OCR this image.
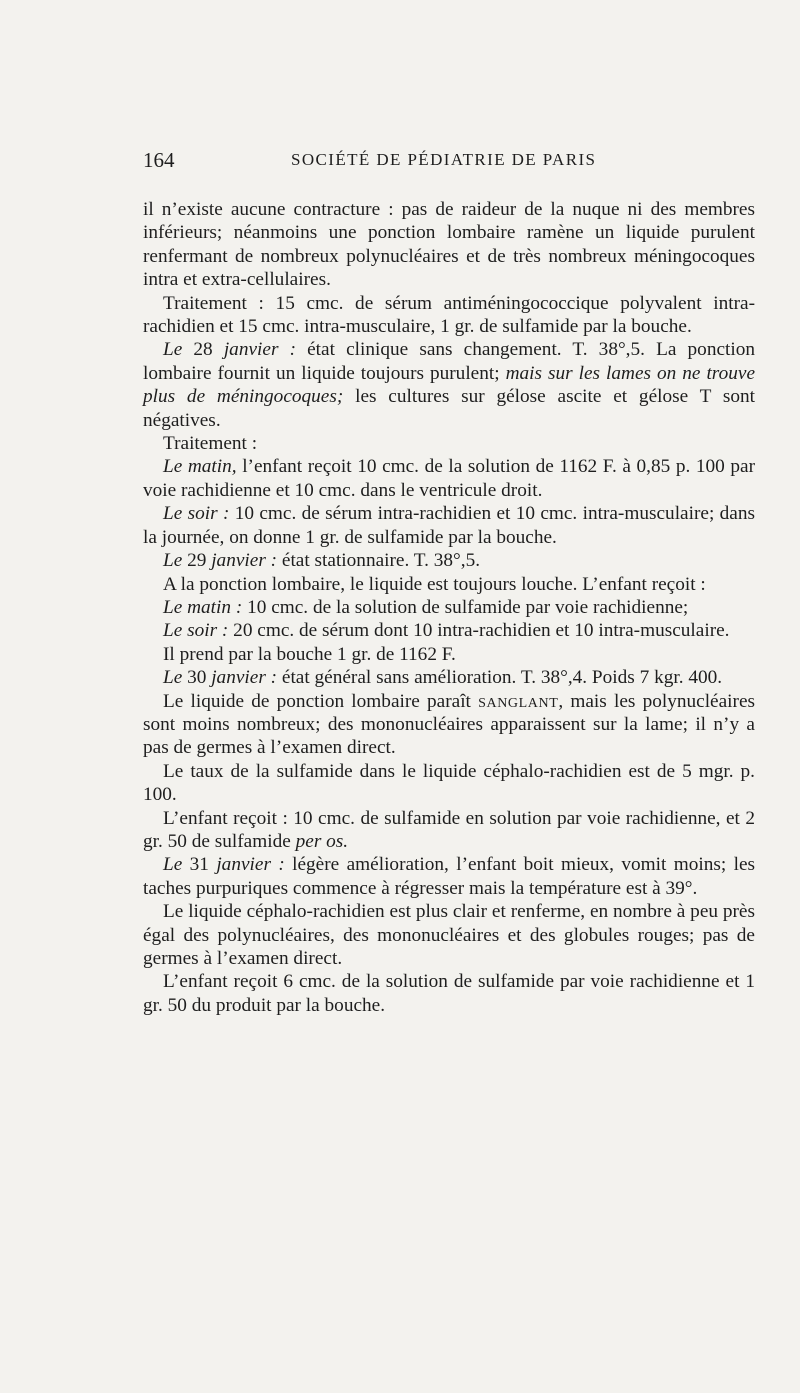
164	SOCIÉTÉ DE PÉDIATRIE DE PARIS

il n’existe aucune contracture : pas de raideur de la nuque ni des membres inférieurs; néanmoins une ponction lombaire ramène un liquide purulent renfermant de nombreux polynucléaires et de très nombreux méningocoques intra et extra-cellulaires.

Traitement : 15 cmc. de sérum antiméningococcique polyvalent intra-rachidien et 15 cmc. intra-musculaire, 1 gr. de sulfamide par la bouche.

Le 28 janvier : état clinique sans changement. T. 38°,5. La ponction lombaire fournit un liquide toujours purulent; mais sur les lames on ne trouve plus de méningocoques; les cultures sur gélose ascite et gélose T sont négatives.

Traitement :

Le matin, l’enfant reçoit 10 cmc. de la solution de 1162 F. à 0,85 p. 100 par voie rachidienne et 10 cmc. dans le ventricule droit.

Le soir : 10 cmc. de sérum intra-rachidien et 10 cmc. intra-musculaire; dans la journée, on donne 1 gr. de sulfamide par la bouche.

Le 29 janvier : état stationnaire. T. 38°,5.

A la ponction lombaire, le liquide est toujours louche. L’enfant reçoit :

Le matin : 10 cmc. de la solution de sulfamide par voie rachidienne;

Le soir : 20 cmc. de sérum dont 10 intra-rachidien et 10 intra-musculaire.

Il prend par la bouche 1 gr. de 1162 F.

Le 30 janvier : état général sans amélioration. T. 38°,4. Poids 7 kgr. 400.

Le liquide de ponction lombaire paraît sanglant, mais les polynucléaires sont moins nombreux; des mononucléaires apparaissent sur la lame; il n’y a pas de germes à l’examen direct.

Le taux de la sulfamide dans le liquide céphalo-rachidien est de 5 mgr. p. 100.

L’enfant reçoit : 10 cmc. de sulfamide en solution par voie rachidienne, et 2 gr. 50 de sulfamide per os.

Le 31 janvier : légère amélioration, l’enfant boit mieux, vomit moins; les taches purpuriques commence à régresser mais la température est à 39°.

Le liquide céphalo-rachidien est plus clair et renferme, en nombre à peu près égal des polynucléaires, des mononucléaires et des globules rouges; pas de germes à l’examen direct.

L’enfant reçoit 6 cmc. de la solution de sulfamide par voie rachidienne et 1 gr. 50 du produit par la bouche.
